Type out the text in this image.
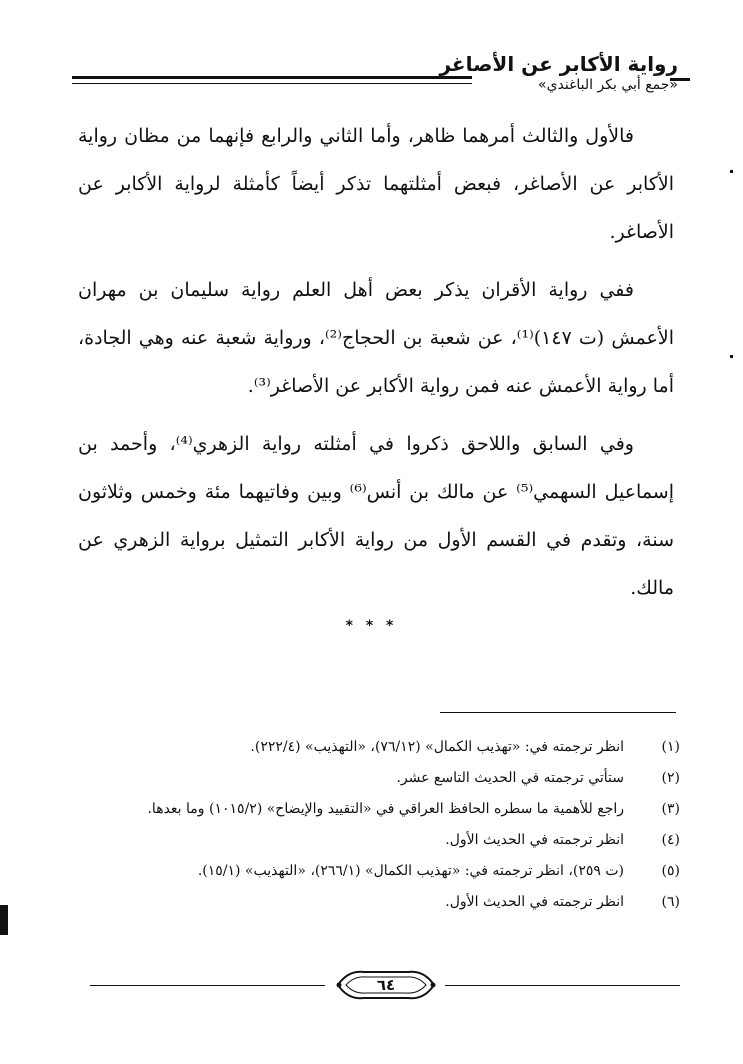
رواية الأكابر عن الأصاغر
«جمع أبي بكر الباغندي»

فالأول والثالث أمرهما ظاهر، وأما الثاني والرابع فإنهما من مظان رواية الأكابر عن الأصاغر، فبعض أمثلتهما تذكر أيضاً كأمثلة لرواية الأكابر عن الأصاغر.

ففي رواية الأقران يذكر بعض أهل العلم رواية سليمان بن مهران الأعمش (ت ١٤٧)⁽¹⁾، عن شعبة بن الحجاج⁽²⁾، ورواية شعبة عنه وهي الجادة، أما رواية الأعمش عنه فمن رواية الأكابر عن الأصاغر⁽³⁾.

وفي السابق واللاحق ذكروا في أمثلته رواية الزهري⁽⁴⁾، وأحمد بن إسماعيل السهمي⁽⁵⁾ عن مالك بن أنس⁽⁶⁾ وبين وفاتيهما مئة وخمس وثلاثون سنة، وتقدم في القسم الأول من رواية الأكابر التمثيل برواية الزهري عن مالك.

* * *
(١)
انظر ترجمته في: «تهذيب الكمال» (٧٦/١٢)، «التهذيب» (٢٢٢/٤).
(٢)
ستأتي ترجمته في الحديث التاسع عشر.
(٣)
راجع للأهمية ما سطره الحافظ العراقي في «التقييد والإيضاح» (١٠١٥/٢) وما بعدها.
(٤)
انظر ترجمته في الحديث الأول.
(٥)
(ت ٢٥٩)، انظر ترجمته في: «تهذيب الكمال» (٢٦٦/١)، «التهذيب» (١٥/١).
(٦)
انظر ترجمته في الحديث الأول.
٦٤
